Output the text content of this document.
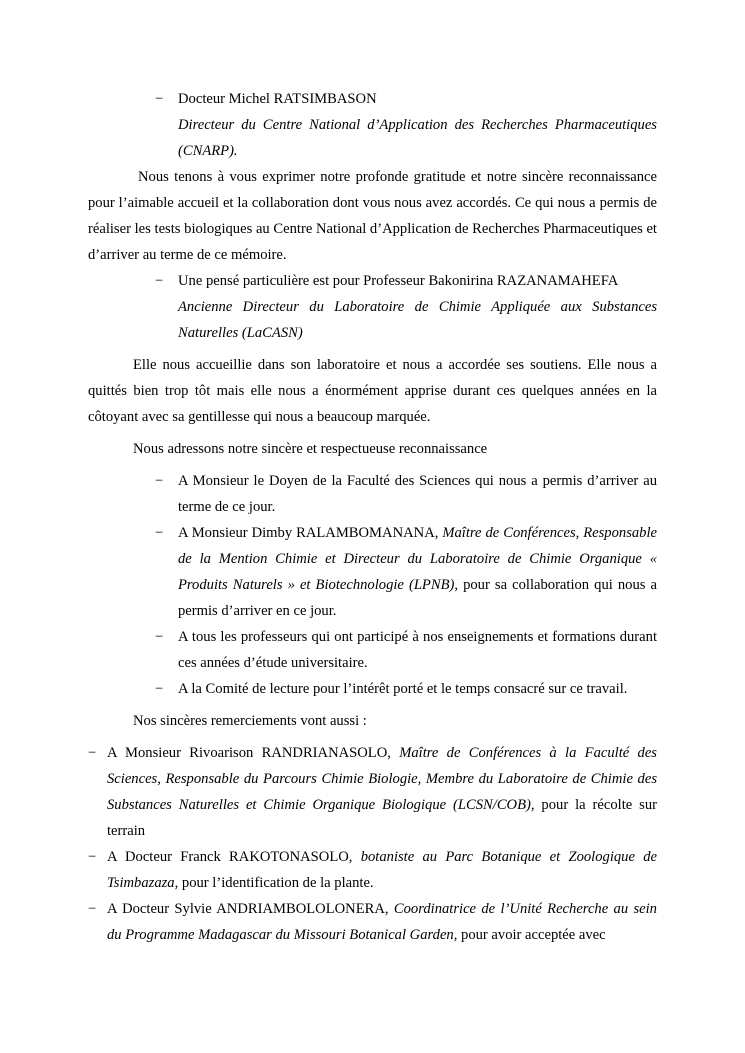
− Docteur Michel RATSIMBASON
Directeur du Centre National d’Application des Recherches Pharmaceutiques (CNARP).

Nous tenons à vous exprimer notre profonde gratitude et notre sincère reconnaissance pour l’aimable accueil et la collaboration dont vous nous avez accordés. Ce qui nous a permis de réaliser les tests biologiques au Centre National d’Application de Recherches Pharmaceutiques et d’arriver au terme de ce mémoire.

− Une pensé particulière est pour Professeur Bakonirina RAZANAMAHEFA
Ancienne Directeur du Laboratoire de Chimie Appliquée aux Substances Naturelles (LaCASN)

Elle nous accueillie dans son laboratoire et nous a accordée ses soutiens. Elle nous a quittés bien trop tôt mais elle nous a énormément apprise durant ces quelques années en la côtoyant avec sa gentillesse qui nous a beaucoup marquée.

Nous adressons notre sincère et respectueuse reconnaissance

− A Monsieur le Doyen de la Faculté des Sciences qui nous a permis d’arriver au terme de ce jour.
− A Monsieur Dimby RALAMBOMANANA, Maître de Conférences, Responsable de la Mention Chimie et Directeur du Laboratoire de Chimie Organique « Produits Naturels » et Biotechnologie (LPNB), pour sa collaboration qui nous a permis d’arriver en ce jour.
− A tous les professeurs qui ont participé à nos enseignements et formations durant ces années d’étude universitaire.
− A la Comité de lecture pour l’intérêt porté et le temps consacré sur ce travail.

Nos sincères remerciements vont aussi :

− A Monsieur Rivoarison RANDRIANASOLO, Maître de Conférences à la Faculté des Sciences, Responsable du Parcours Chimie Biologie, Membre du Laboratoire de Chimie des Substances Naturelles et Chimie Organique Biologique (LCSN/COB), pour la récolte sur terrain
− A Docteur Franck RAKOTONASOLO, botaniste au Parc Botanique et Zoologique de Tsimbazaza, pour l’identification de la plante.
− A Docteur Sylvie ANDRIAMBOLOLONERA, Coordinatrice de l’Unité Recherche au sein du Programme Madagascar du Missouri Botanical Garden, pour avoir acceptée avec
